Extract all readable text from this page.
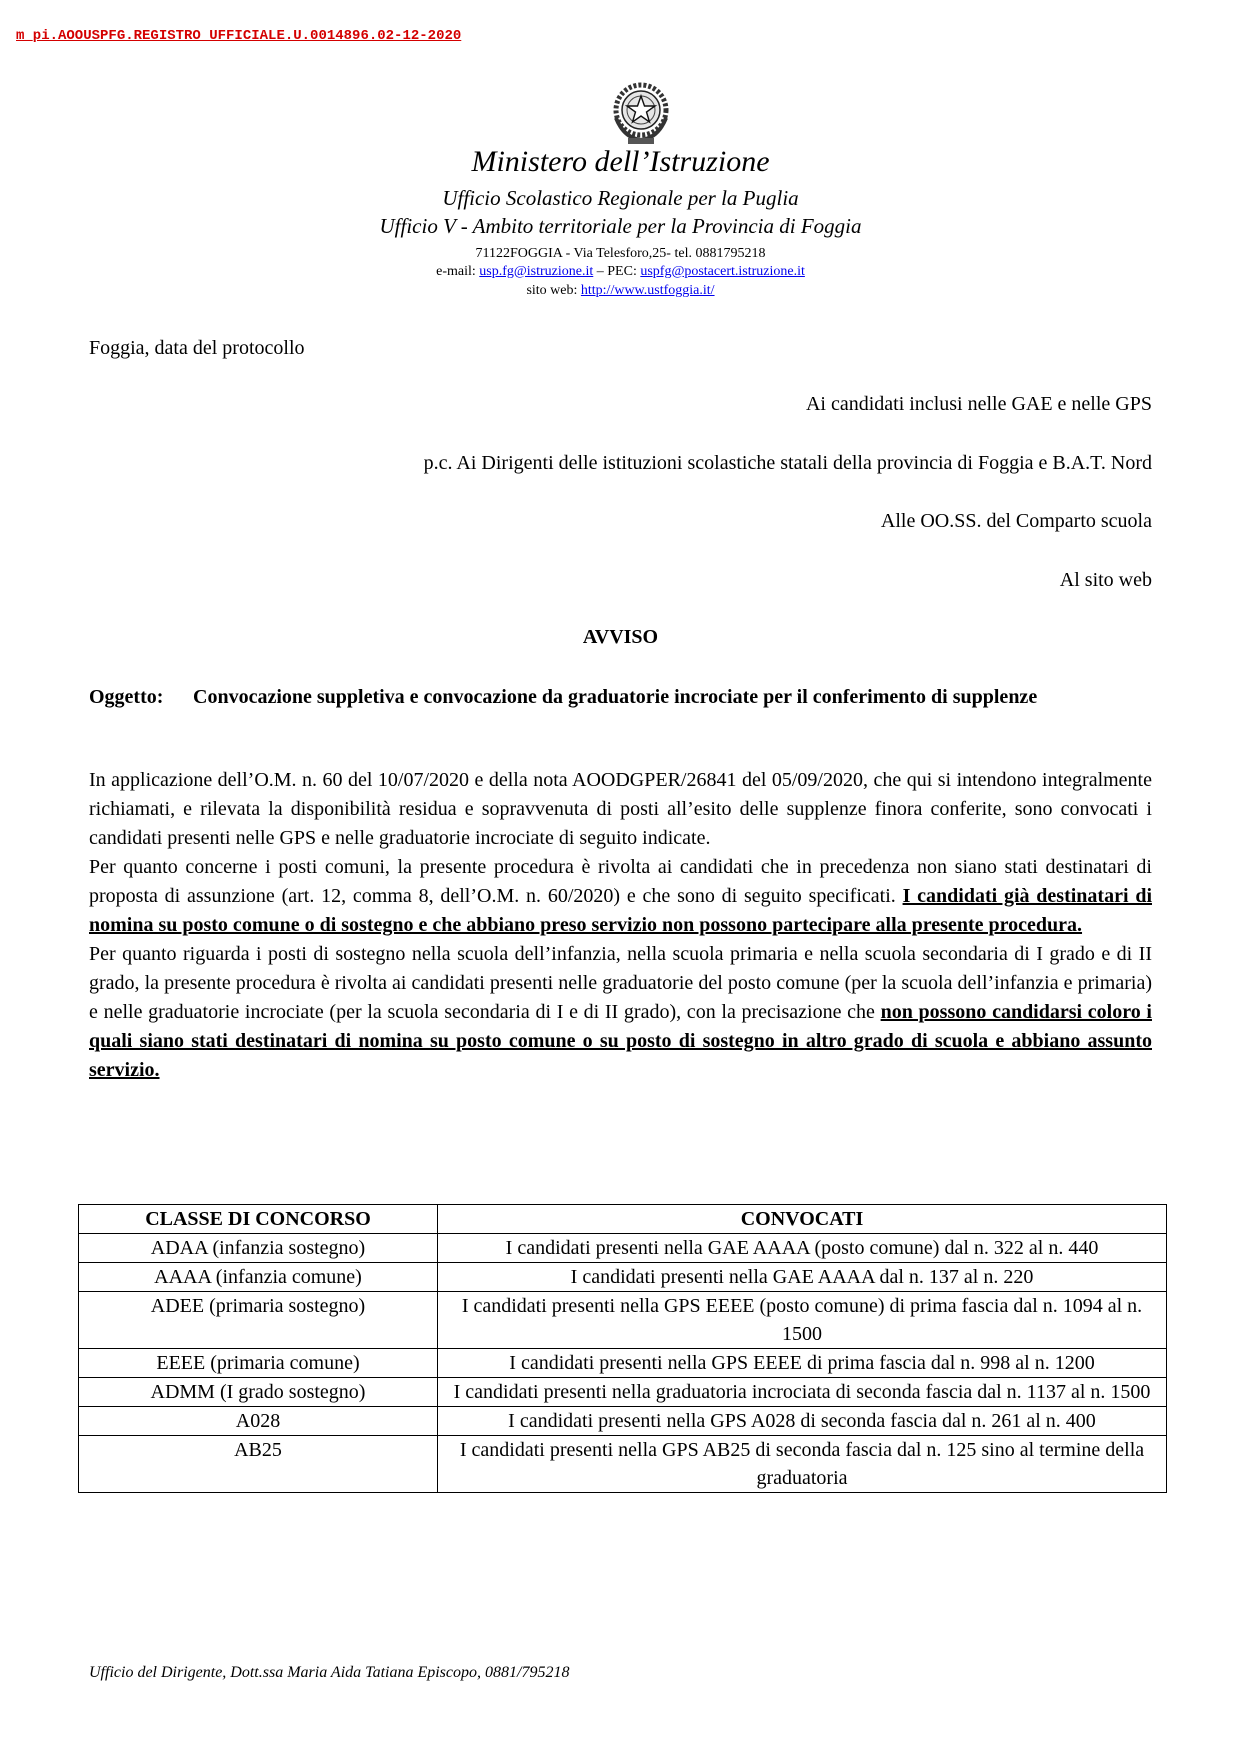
m_pi.AOOUSPFG.REGISTRO UFFICIALE.U.0014896.02-12-2020
Ministero dell’Istruzione
Ufficio Scolastico Regionale per la Puglia
Ufficio V - Ambito territoriale per la Provincia di Foggia
71122FOGGIA - Via Telesforo,25- tel. 0881795218
e-mail: usp.fg@istruzione.it – PEC: uspfg@postacert.istruzione.it
sito web: http://www.ustfoggia.it/
Foggia, data del protocollo
Ai candidati inclusi nelle GAE e nelle GPS
p.c. Ai Dirigenti delle istituzioni scolastiche statali della provincia di Foggia e B.A.T. Nord
Alle OO.SS. del Comparto scuola
Al sito web
AVVISO
Oggetto:	Convocazione suppletiva e convocazione da graduatorie incrociate per il conferimento di supplenze

In applicazione dell’O.M. n. 60 del 10/07/2020 e della nota AOODGPER/26841 del 05/09/2020, che qui si intendono integralmente richiamati, e rilevata la disponibilità residua e sopravvenuta di posti all’esito delle supplenze finora conferite, sono convocati i candidati presenti nelle GPS e nelle graduatorie incrociate di seguito indicate.

Per quanto concerne i posti comuni, la presente procedura è rivolta ai candidati che in precedenza non siano stati destinatari di proposta di assunzione (art. 12, comma 8, dell’O.M. n. 60/2020) e che sono di seguito specificati. I candidati già destinatari di nomina su posto comune o di sostegno e che abbiano preso servizio non possono partecipare alla presente procedura.

Per quanto riguarda i posti di sostegno nella scuola dell’infanzia, nella scuola primaria e nella scuola secondaria di I grado e di II grado, la presente procedura è rivolta ai candidati presenti nelle graduatorie del posto comune (per la scuola dell’infanzia e primaria) e nelle graduatorie incrociate (per la scuola secondaria di I e di II grado), con la precisazione che non possono candidarsi coloro i quali siano stati destinatari di nomina su posto comune o su posto di sostegno in altro grado di scuola e abbiano assunto servizio.

CLASSE DI CONCORSO	CONVOCATI
ADAA (infanzia sostegno)	I candidati presenti nella GAE AAAA (posto comune) dal n. 322 al n. 440
AAAA (infanzia comune)	I candidati presenti nella GAE AAAA dal n. 137 al n. 220
ADEE (primaria sostegno)	I candidati presenti nella GPS EEEE (posto comune) di prima fascia dal n. 1094 al n. 1500
EEEE (primaria comune)	I candidati presenti nella GPS EEEE di prima fascia dal n. 998 al n. 1200
ADMM (I grado sostegno)	I candidati presenti nella graduatoria incrociata di seconda fascia dal n. 1137 al n. 1500
A028	I candidati presenti nella GPS A028 di seconda fascia dal n. 261 al n. 400
AB25	I candidati presenti nella GPS AB25 di seconda fascia dal n. 125 sino al termine della graduatoria
Ufficio del Dirigente, Dott.ssa Maria Aida Tatiana Episcopo, 0881/795218
